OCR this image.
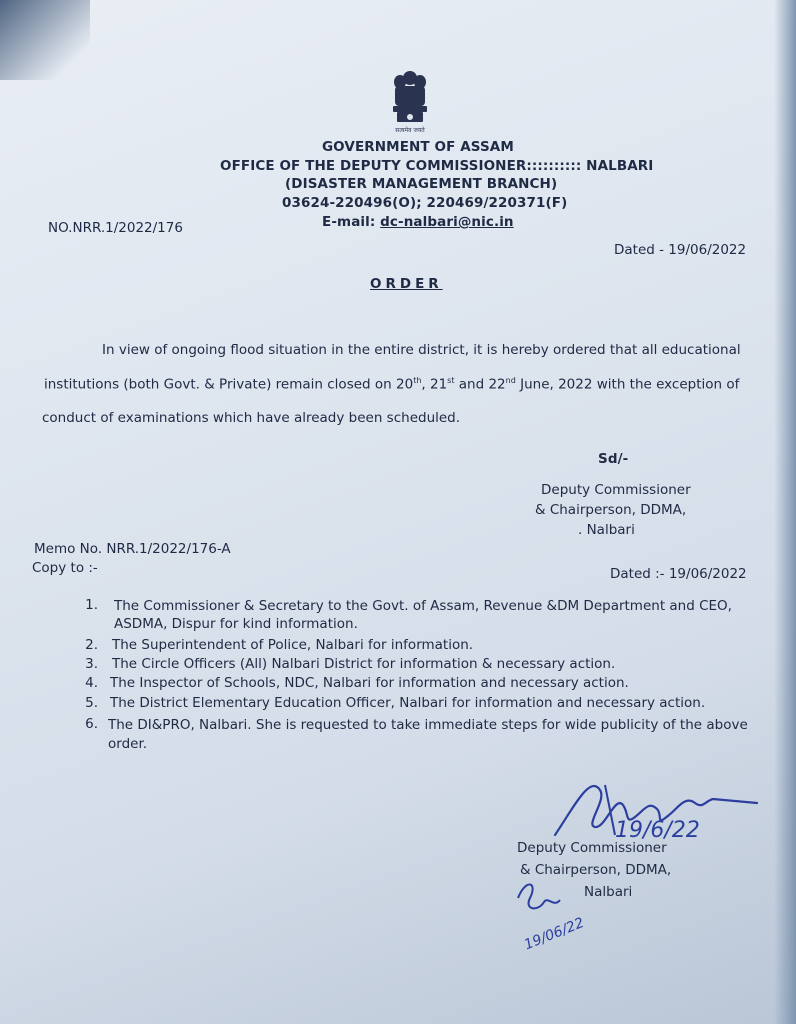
सत्यमेव जयते
GOVERNMENT OF ASSAM
OFFICE OF THE DEPUTY COMMISSIONER:::::::::: NALBARI
(DISASTER MANAGEMENT BRANCH)
03624-220496(O); 220469/220371(F)
E-mail: dc-nalbari@nic.in
NO.NRR.1/2022/176
Dated - 19/06/2022
ORDER
In view of ongoing flood situation in the entire district, it is hereby ordered that all educational
institutions (both Govt. & Private) remain closed on 20th, 21st and 22nd June, 2022 with the exception of
conduct of examinations which have already been scheduled.
Sd/-
Deputy Commissioner
& Chairperson, DDMA,
. Nalbari
Memo No. NRR.1/2022/176-A
Copy to :-	Dated :- 19/06/2022
1. The Commissioner & Secretary to the Govt. of Assam, Revenue &DM Department and CEO, ASDMA, Dispur for kind information.
2. The Superintendent of Police, Nalbari for information.
3. The Circle Officers (All) Nalbari District for information & necessary action.
4. The Inspector of Schools, NDC, Nalbari for information and necessary action.
5. The District Elementary Education Officer, Nalbari for information and necessary action.
6. The DI&PRO, Nalbari. She is requested to take immediate steps for wide publicity of the above order.
19/6/22
Deputy Commissioner
& Chairperson, DDMA,
Nalbari
19/06/22
